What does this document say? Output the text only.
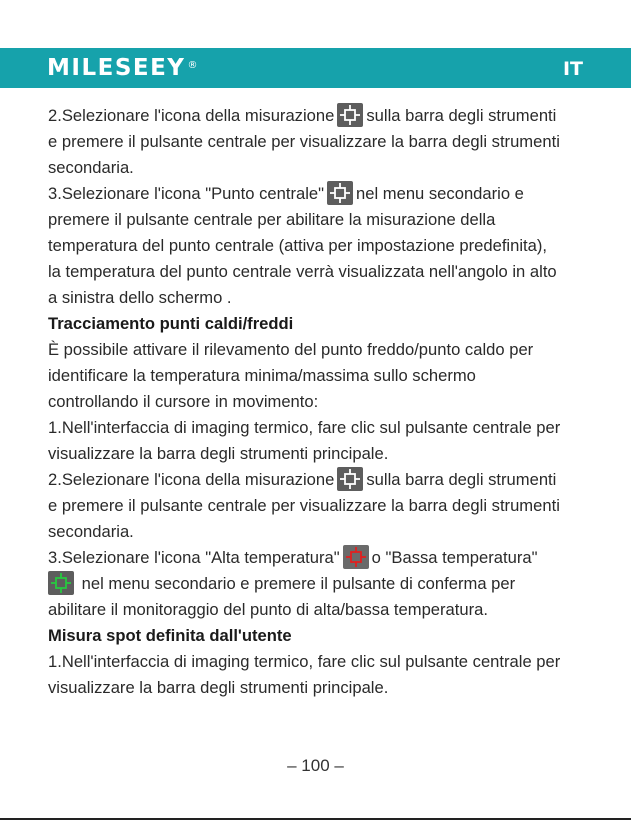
MILESEEY ®	IT
2.Selezionare l'icona della misurazione sulla barra degli strumenti
e premere il pulsante centrale per visualizzare la barra degli strumenti
secondaria.
3.Selezionare l'icona "Punto centrale" nel menu secondario e
premere il pulsante centrale per abilitare la misurazione della
temperatura del punto centrale (attiva per impostazione predefinita),
la temperatura del punto centrale verrà visualizzata nell'angolo in alto
a sinistra dello schermo .
Tracciamento punti caldi/freddi
È possibile attivare il rilevamento del punto freddo/punto caldo per
identificare la temperatura minima/massima sullo schermo
controllando il cursore in movimento:
1.Nell'interfaccia di imaging termico, fare clic sul pulsante centrale per
visualizzare la barra degli strumenti principale.
2.Selezionare l'icona della misurazione sulla barra degli strumenti
e premere il pulsante centrale per visualizzare la barra degli strumenti
secondaria.
3.Selezionare l'icona "Alta temperatura" o "Bassa temperatura"
nel menu secondario e premere il pulsante di conferma per
abilitare il monitoraggio del punto di alta/bassa temperatura.
Misura spot definita dall'utente
1.Nell'interfaccia di imaging termico, fare clic sul pulsante centrale per
visualizzare la barra degli strumenti principale.
– 100 –
